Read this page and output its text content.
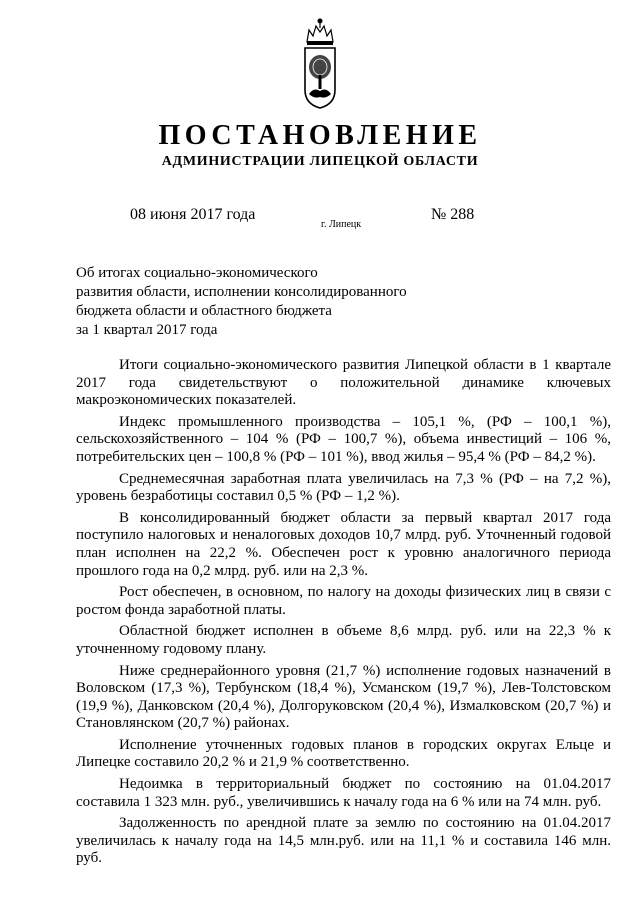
ПОСТАНОВЛЕНИЕ
АДМИНИСТРАЦИИ ЛИПЕЦКОЙ ОБЛАСТИ
08 июня 2017 года
г. Липецк
№ 288
Об итогах социально-экономического
развития области, исполнении консолидированного
бюджета области и областного бюджета
за 1 квартал 2017 года

Итоги социально-экономического развития Липецкой области в 1 квартале 2017 года свидетельствуют о положительной динамике ключевых макроэкономических показателей.

Индекс промышленного производства – 105,1 %, (РФ – 100,1 %), сельскохозяйственного – 104 % (РФ – 100,7 %), объема инвестиций – 106 %, потребительских цен – 100,8 % (РФ – 101 %), ввод жилья – 95,4 % (РФ – 84,2 %).

Среднемесячная заработная плата увеличилась на 7,3 % (РФ – на 7,2 %), уровень безработицы составил 0,5 % (РФ – 1,2 %).

В консолидированный бюджет области за первый квартал 2017 года поступило налоговых и неналоговых доходов 10,7 млрд. руб. Уточненный годовой план исполнен на 22,2 %. Обеспечен рост к уровню аналогичного периода прошлого года на 0,2 млрд. руб. или на 2,3 %.

Рост обеспечен, в основном, по налогу на доходы физических лиц в связи с ростом фонда заработной платы.

Областной бюджет исполнен в объеме 8,6 млрд. руб. или на 22,3 % к уточненному годовому плану.

Ниже среднерайонного уровня (21,7 %) исполнение годовых назначений в Воловском (17,3 %), Тербунском (18,4 %), Усманском (19,7 %), Лев-Толстовском (19,9 %), Данковском (20,4 %), Долгоруковском (20,4 %), Измалковском (20,7 %) и Становлянском (20,7 %) районах.

Исполнение уточненных годовых планов в городских округах Ельце и Липецке составило 20,2 % и 21,9 % соответственно.

Недоимка в территориальный бюджет по состоянию на 01.04.2017 составила 1 323 млн. руб., увеличившись к началу года на 6 % или на 74 млн. руб.

Задолженность по арендной плате за землю по состоянию на 01.04.2017 увеличилась к началу года на 14,5 млн.руб. или на 11,1 % и составила 146 млн. руб.
